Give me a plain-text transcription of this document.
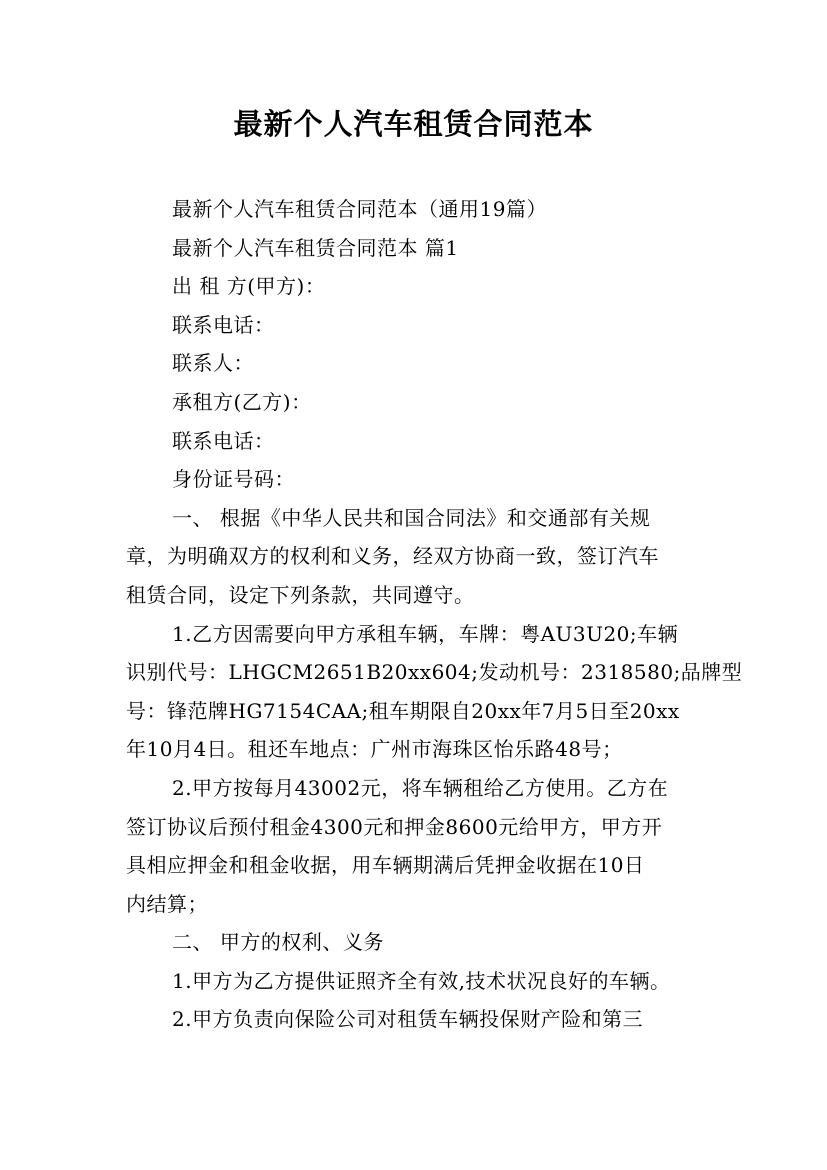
最新个人汽车租赁合同范本

最新个人汽车租赁合同范本（通用19篇）

最新个人汽车租赁合同范本 篇1

出 租 方(甲方)：

联系电话：

联系人：

承租方(乙方)：

联系电话：

身份证号码：

一、 根据《中华人民共和国合同法》和交通部有关规

章，为明确双方的权利和义务，经双方协商一致，签订汽车

租赁合同，设定下列条款，共同遵守。

1.乙方因需要向甲方承租车辆，车牌：粤AU3U20;车辆

识别代号：LHGCM2651B20xx604;发动机号：2318580;品牌型

号：锋范牌HG7154CAA;租车期限自20xx年7月5日至20xx

年10月4日。租还车地点：广州市海珠区怡乐路48号；

2.甲方按每月43002元，将车辆租给乙方使用。乙方在

签订协议后预付租金4300元和押金8600元给甲方，甲方开

具相应押金和租金收据，用车辆期满后凭押金收据在10日

内结算；

二、 甲方的权利、义务

1.甲方为乙方提供证照齐全有效,技术状况良好的车辆。

2.甲方负责向保险公司对租赁车辆投保财产险和第三
